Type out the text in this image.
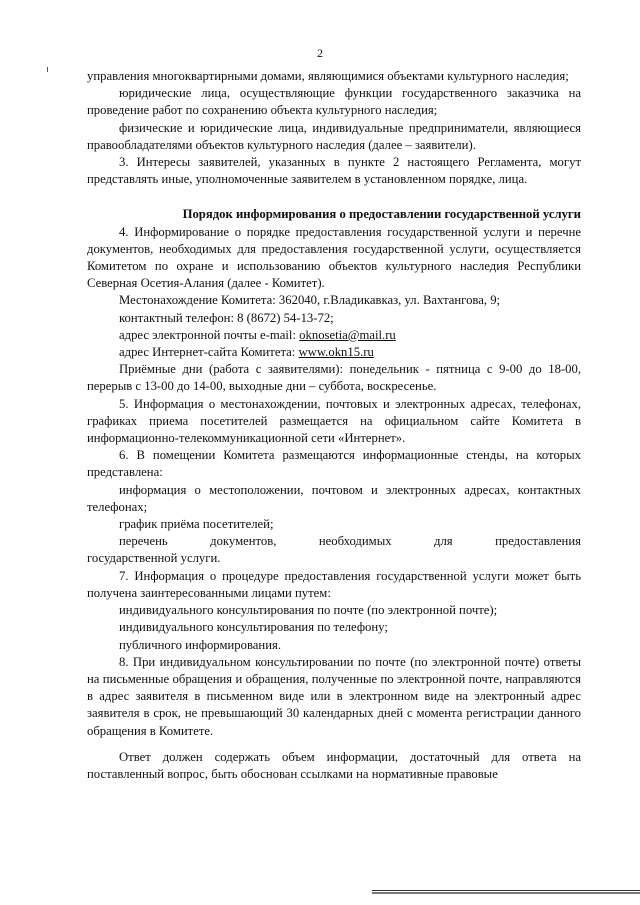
2

управления многоквартирными домами, являющимися объектами культурного наследия;

юридические лица, осуществляющие функции государственного заказчика на проведение работ по сохранению объекта культурного наследия;

физические и юридические лица, индивидуальные предприниматели, являющиеся правообладателями объектов культурного наследия (далее – заявители).

3. Интересы заявителей, указанных в пункте 2 настоящего Регламента, могут представлять иные, уполномоченные заявителем в установленном порядке, лица.

Порядок информирования о предоставлении государственной услуги

4. Информирование о порядке предоставления государственной услуги и перечне документов, необходимых для предоставления государственной услуги, осуществляется Комитетом по охране и использованию объектов культурного наследия Республики Северная Осетия-Алания (далее - Комитет).

Местонахождение Комитета: 362040, г.Владикавказ, ул. Вахтангова, 9;

контактный телефон: 8 (8672) 54-13-72;

адрес электронной почты e-mail: oknosetia@mail.ru

адрес Интернет-сайта Комитета: www.okn15.ru

Приёмные дни (работа с заявителями): понедельник - пятница с 9-00 до 18-00, перерыв с 13-00 до 14-00, выходные дни – суббота, воскресенье.

5. Информация о местонахождении, почтовых и электронных адресах, телефонах, графиках приема посетителей размещается на официальном сайте Комитета в информационно-телекоммуникационной сети «Интернет».

6. В помещении Комитета размещаются информационные стенды, на которых представлена:

информация о местоположении, почтовом и электронных адресах, контактных телефонах;

график приёма посетителей;

перечень	документов,	необходимых	для	предоставления

государственной услуги.

7. Информация о процедуре предоставления государственной услуги может быть получена заинтересованными лицами путем:

индивидуального консультирования по почте (по электронной почте);

индивидуального консультирования по телефону;

публичного информирования.

8. При индивидуальном консультировании по почте (по электронной почте) ответы на письменные обращения и обращения, полученные по электронной почте, направляются в адрес заявителя в письменном виде или в электронном виде на электронный адрес заявителя в срок, не превышающий 30 календарных дней с момента регистрации данного обращения в Комитете.

Ответ должен содержать объем информации, достаточный для ответа на поставленный вопрос, быть обоснован ссылками на нормативные правовые
